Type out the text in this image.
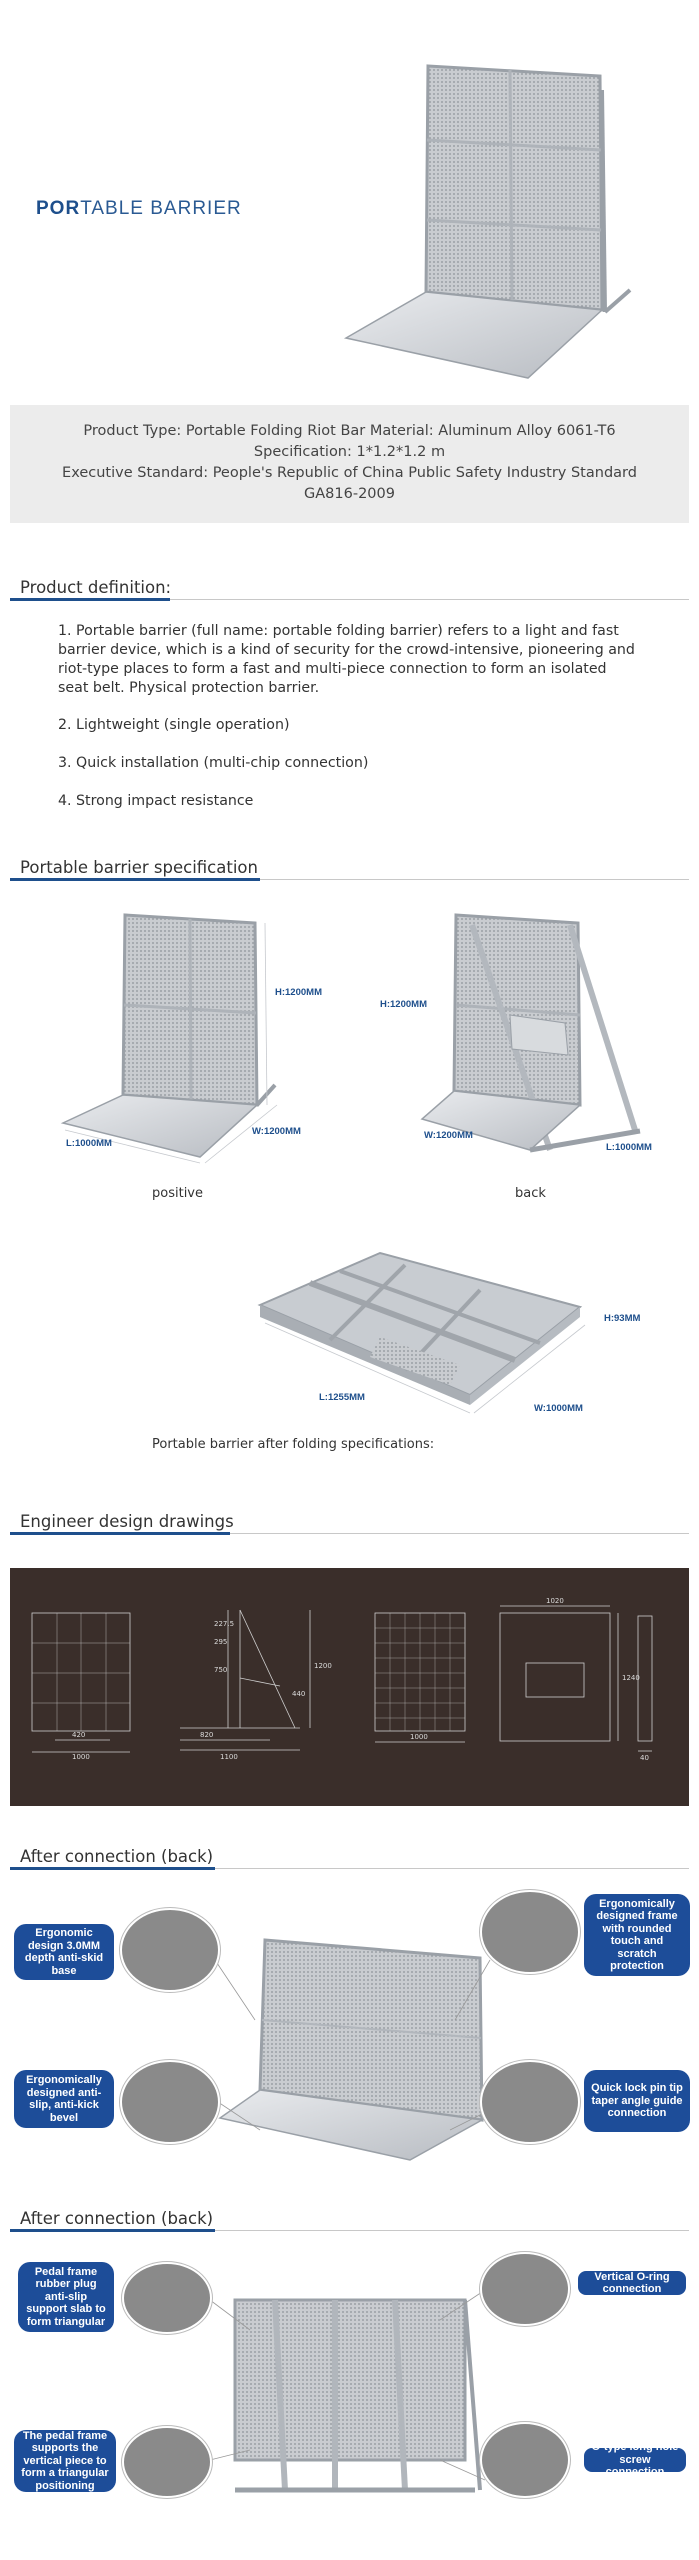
PORTABLE BARRIER

Product Type: Portable Folding Riot Bar Material: Aluminum Alloy 6061-T6

Specification: 1*1.2*1.2 m

Executive Standard: People's Republic of China Public Safety Industry Standard

GA816-2009

Product definition:

1. Portable barrier (full name: portable folding barrier) refers to a light and fast barrier device, which is a kind of security for the crowd-intensive, pioneering and riot-type places to form a fast and multi-piece connection to form an isolated seat belt. Physical protection barrier.

2. Lightweight (single operation)

3. Quick installation (multi-chip connection)

4. Strong impact resistance

Portable barrier specification
H:1200MM
W:1200MM
L:1000MM
positive
H:1200MM
W:1200MM
L:1000MM
back
H:93MM
L:1255MM
W:1000MM
Portable barrier after folding specifications:
Engineer design drawings
420
1000
227.5
295
750	1200
440
820
1100
1000
1020
1240
40
After connection (back)
Ergonomic design 3.0MM depth anti-skid base
Ergonomically designed anti-slip, anti-kick bevel
Ergonomically designed frame with rounded touch and scratch protection
Quick lock pin tip taper angle guide connection
After connection (back)
Pedal frame rubber plug anti-slip support slab to form triangular
The pedal frame supports the vertical piece to form a triangular positioning
Vertical O-ring connection
O-type long hole screw connection
